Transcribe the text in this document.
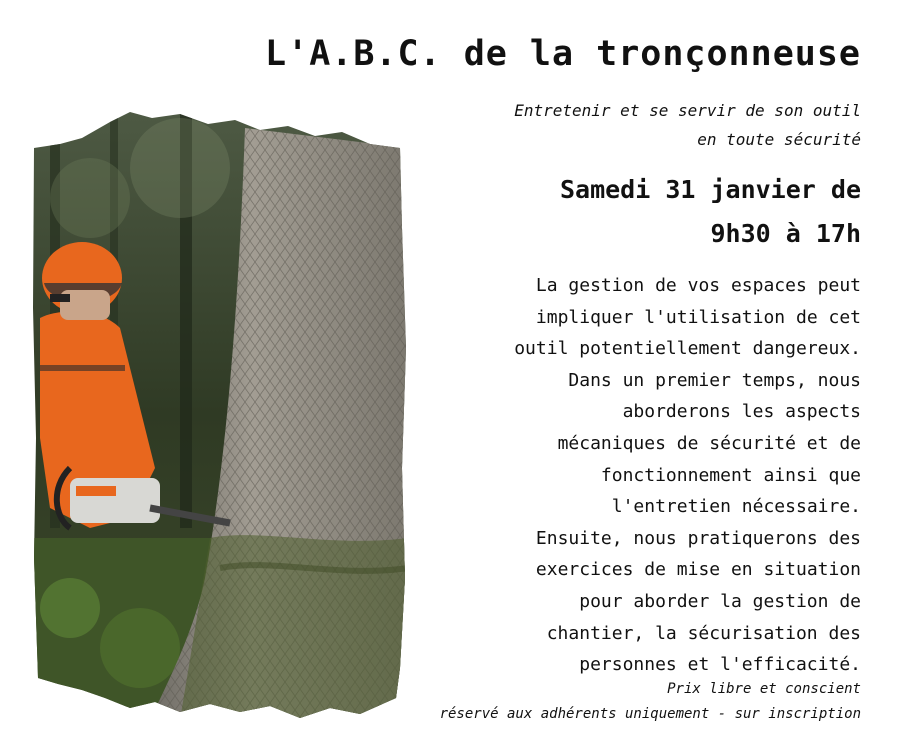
L'A.B.C. de la tronçonneuse
Entretenir et se servir de son outil
en toute sécurité
Samedi 31 janvier de
9h30 à 17h
La gestion de vos espaces peut
impliquer l'utilisation de cet
outil potentiellement dangereux.
Dans un premier temps, nous
aborderons les aspects
mécaniques de sécurité et de
fonctionnement ainsi que
l'entretien nécessaire.
Ensuite, nous pratiquerons des
exercices de mise en situation
pour aborder la gestion de
chantier, la sécurisation des
personnes et l'efficacité.
Prix libre et conscient
réservé aux adhérents uniquement - sur inscription
